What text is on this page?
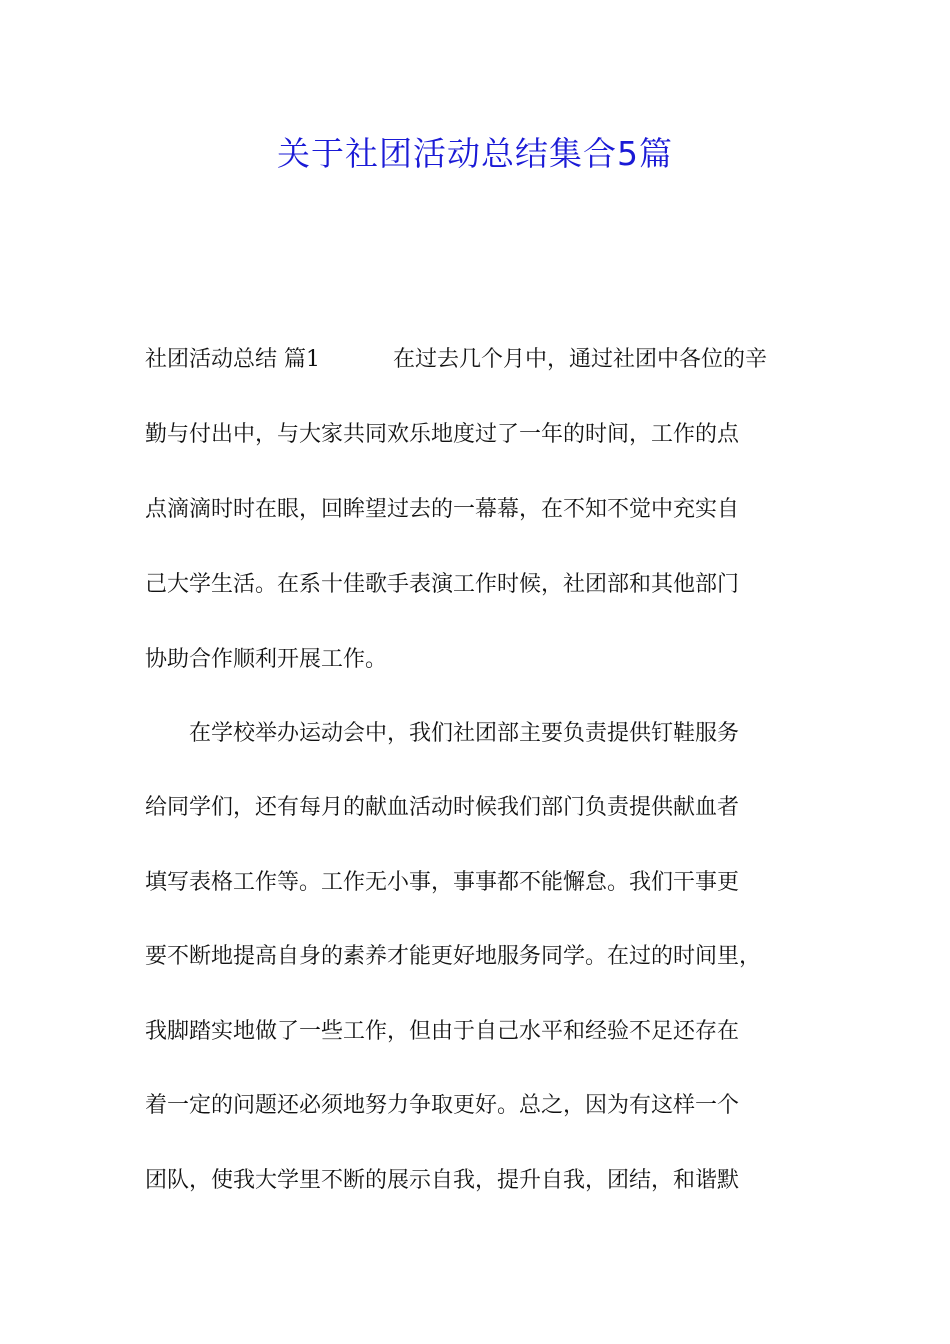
关于社团活动总结集合5篇
社团活动总结 篇1	在过去几个月中，通过社团中各位的辛
勤与付出中，与大家共同欢乐地度过了一年的时间，工作的点
点滴滴时时在眼，回眸望过去的一幕幕，在不知不觉中充实自
己大学生活。在系十佳歌手表演工作时候，社团部和其他部门
协助合作顺利开展工作。
在学校举办运动会中，我们社团部主要负责提供钉鞋服务
给同学们，还有每月的献血活动时候我们部门负责提供献血者
填写表格工作等。工作无小事，事事都不能懈怠。我们干事更
要不断地提高自身的素养才能更好地服务同学。在过的时间里，
我脚踏实地做了一些工作，但由于自己水平和经验不足还存在
着一定的问题还必须地努力争取更好。总之，因为有这样一个
团队，使我大学里不断的展示自我，提升自我，团结，和谐默
